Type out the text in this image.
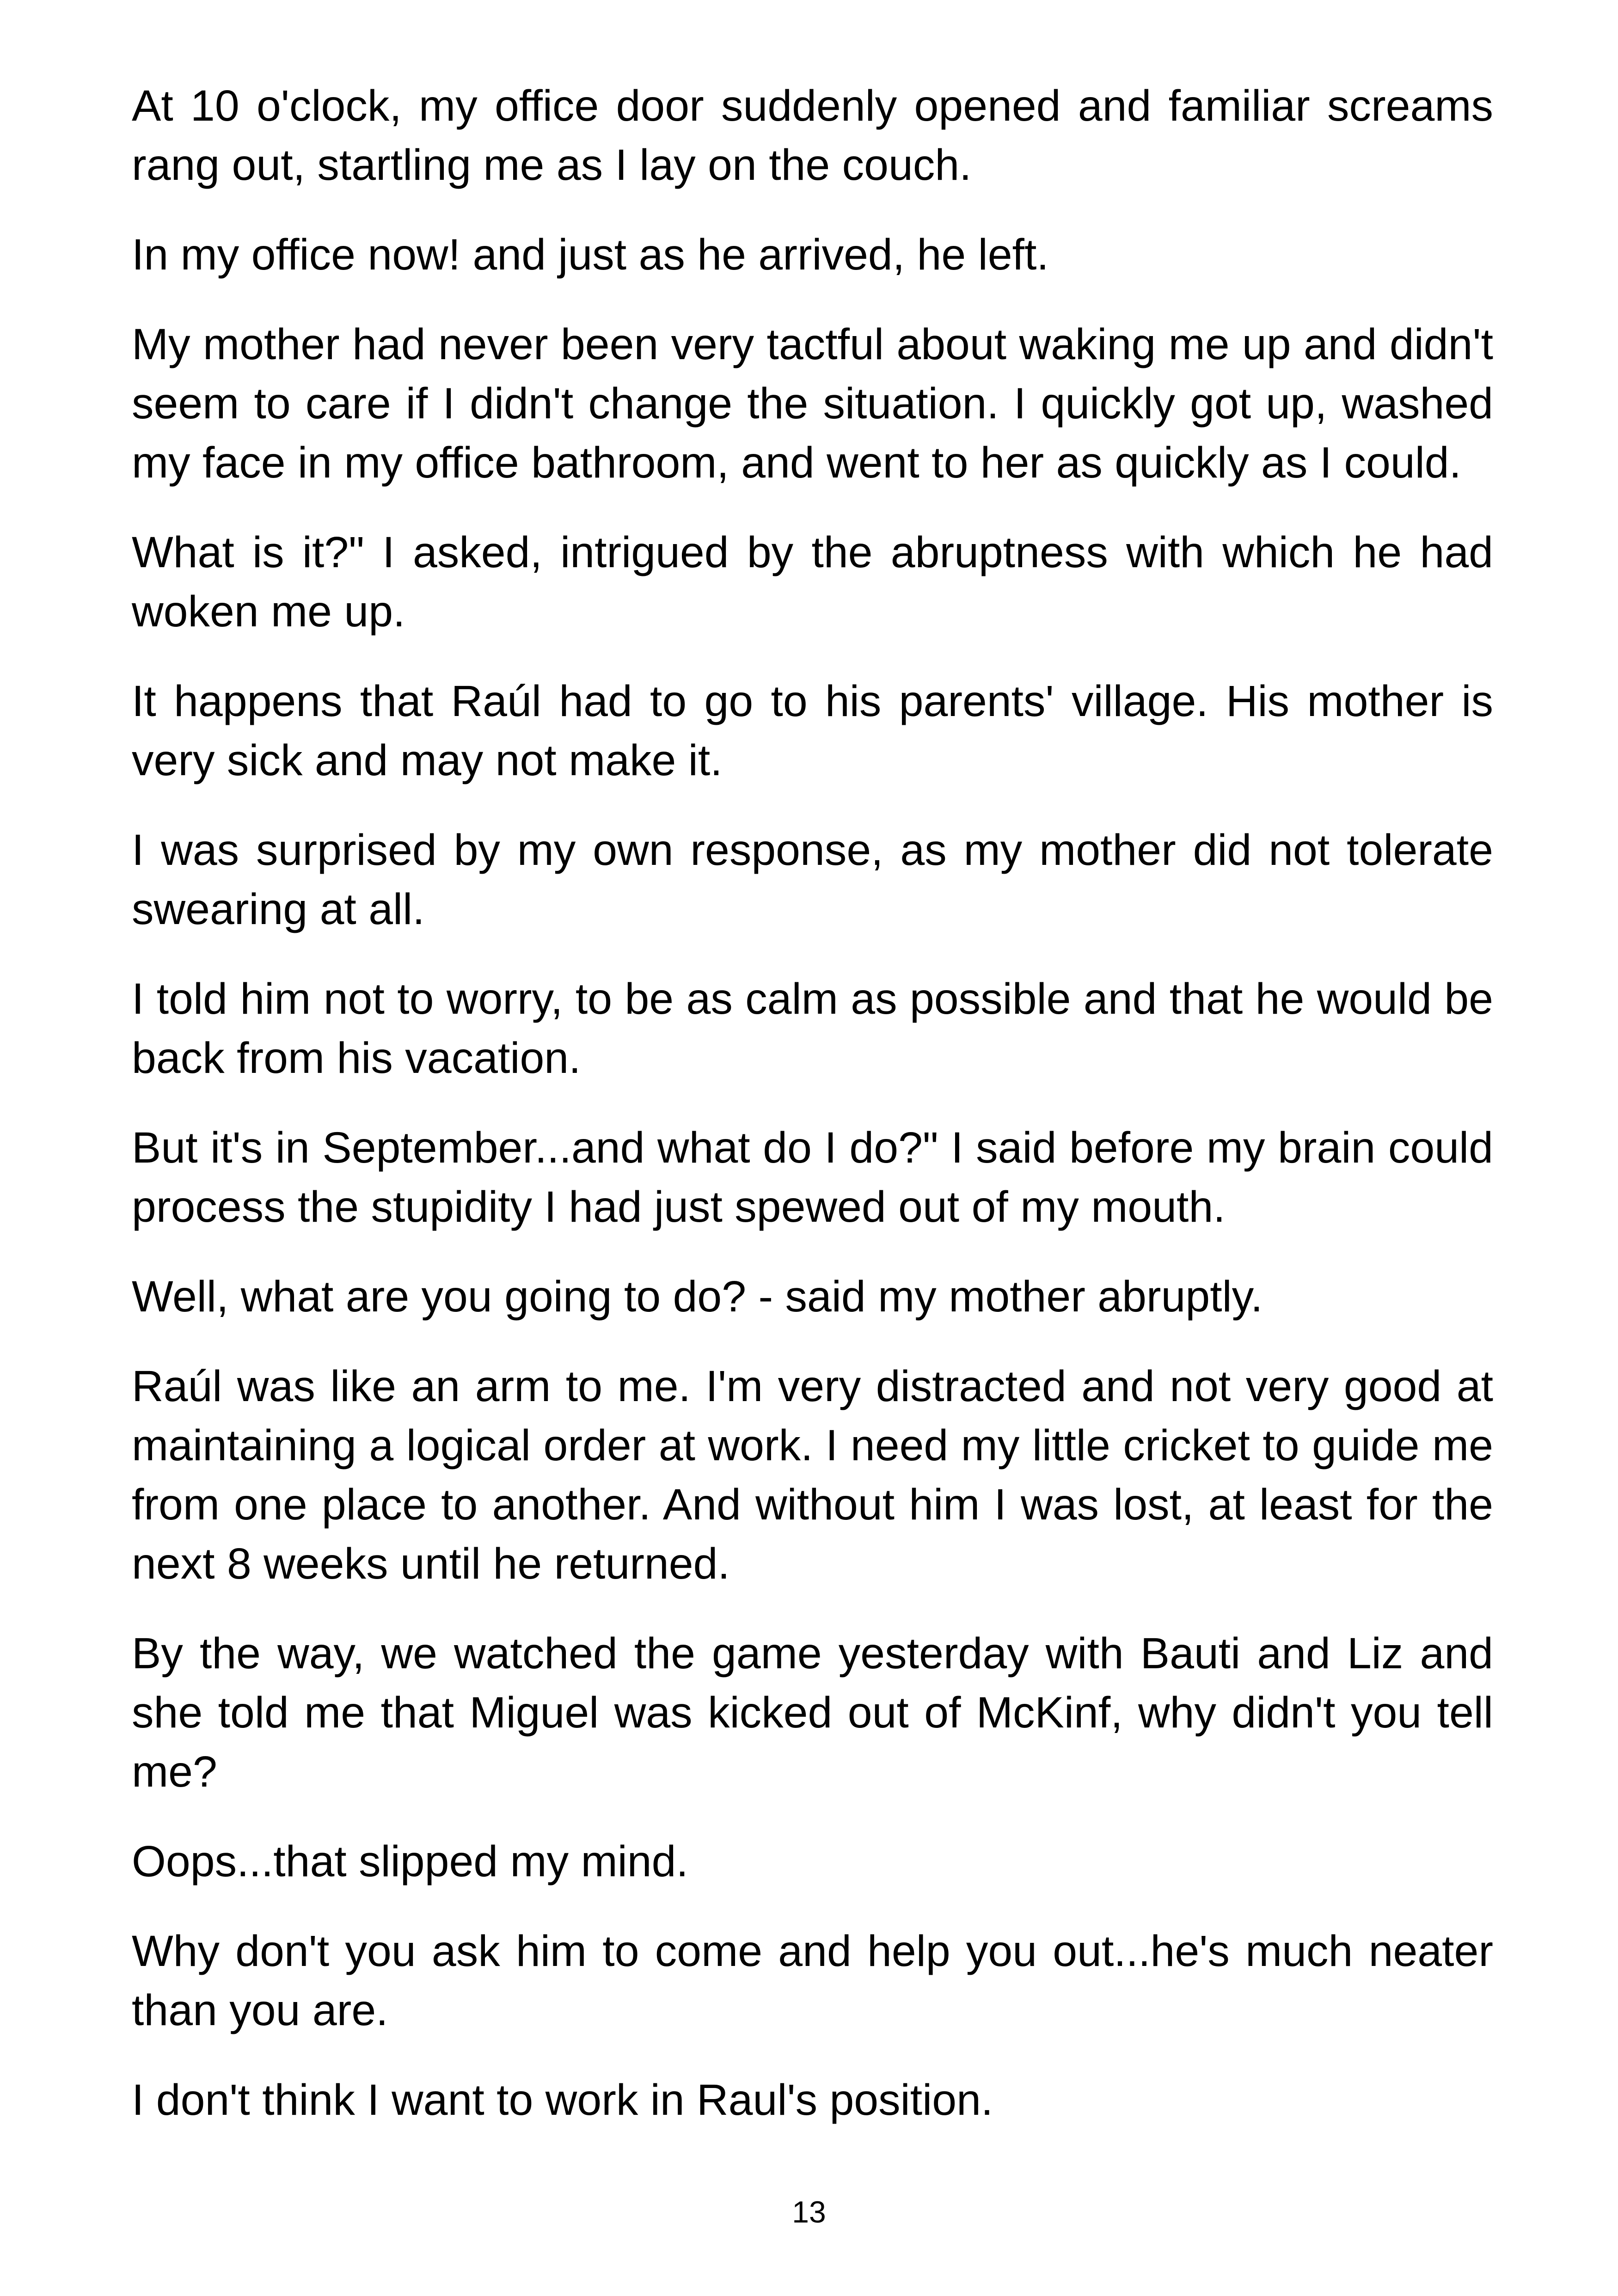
At 10 o'clock, my office door suddenly opened and familiar screams rang out, startling me as I lay on the couch.

In my office now! and just as he arrived, he left.

My mother had never been very tactful about waking me up and didn't seem to care if I didn't change the situation. I quickly got up, washed my face in my office bathroom, and went to her as quickly as I could.

What is it?" I asked, intrigued by the abruptness with which he had woken me up.

It happens that Raúl had to go to his parents' village. His mother is very sick and may not make it.

I was surprised by my own response, as my mother did not tolerate swearing at all.

I told him not to worry, to be as calm as possible and that he would be back from his vacation.

But it's in September...and what do I do?" I said before my brain could process the stupidity I had just spewed out of my mouth.

Well, what are you going to do? - said my mother abruptly.

Raúl was like an arm to me. I'm very distracted and not very good at maintaining a logical order at work. I need my little cricket to guide me from one place to another. And without him I was lost, at least for the next 8 weeks until he returned.

By the way, we watched the game yesterday with Bauti and Liz and she told me that Miguel was kicked out of McKinf, why didn't you tell me?

Oops...that slipped my mind.

Why don't you ask him to come and help you out...he's much neater than you are.

I don't think I want to work in Raul's position.

13
